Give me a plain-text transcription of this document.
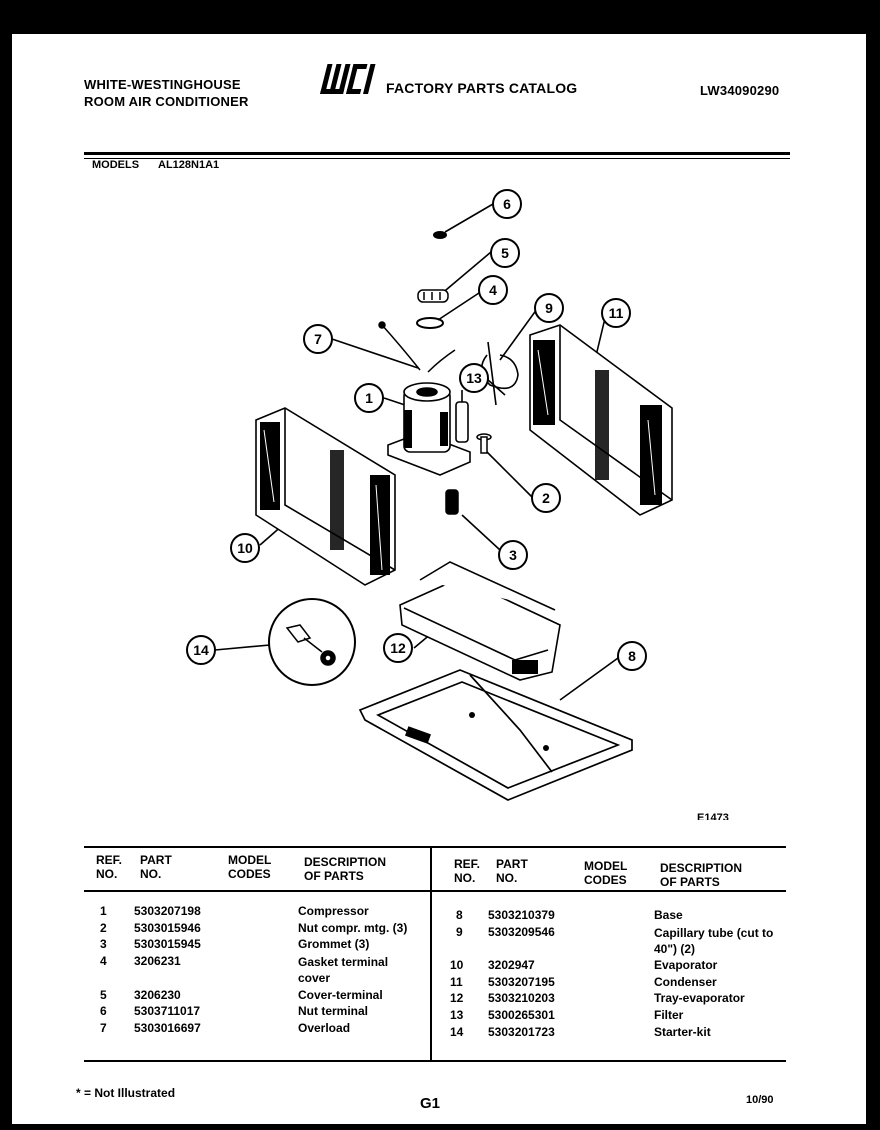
WHITE-WESTINGHOUSE
ROOM AIR CONDITIONER
FACTORY PARTS CATALOG	LW34090290
MODELS AL128N1A1
1
2
3
4
5
6
7
8
9
10
11
12
13
14
E1473
REF.
NO.
PART
NO.
MODEL
CODES
DESCRIPTION
OF PARTS
REF.
NO.
PART
NO.
MODEL
CODES
DESCRIPTION
OF PARTS
1 5303207198	Compressor
2 5303015946	Nut compr. mtg. (3)
3 5303015945	Grommet (3)
4 3206231	Gasket terminal cover
5 3206230	Cover-terminal
6 5303711017	Nut terminal
7 5303016697	Overload
8 5303210379	Base
9 5303209546	Capillary tube (cut to 40") (2)
10 3202947	Evaporator
11 5303207195	Condenser
12 5303210203	Tray-evaporator
13 5300265301	Filter
14 5303201723	Starter-kit
* = Not Illustrated
G1	10/90
